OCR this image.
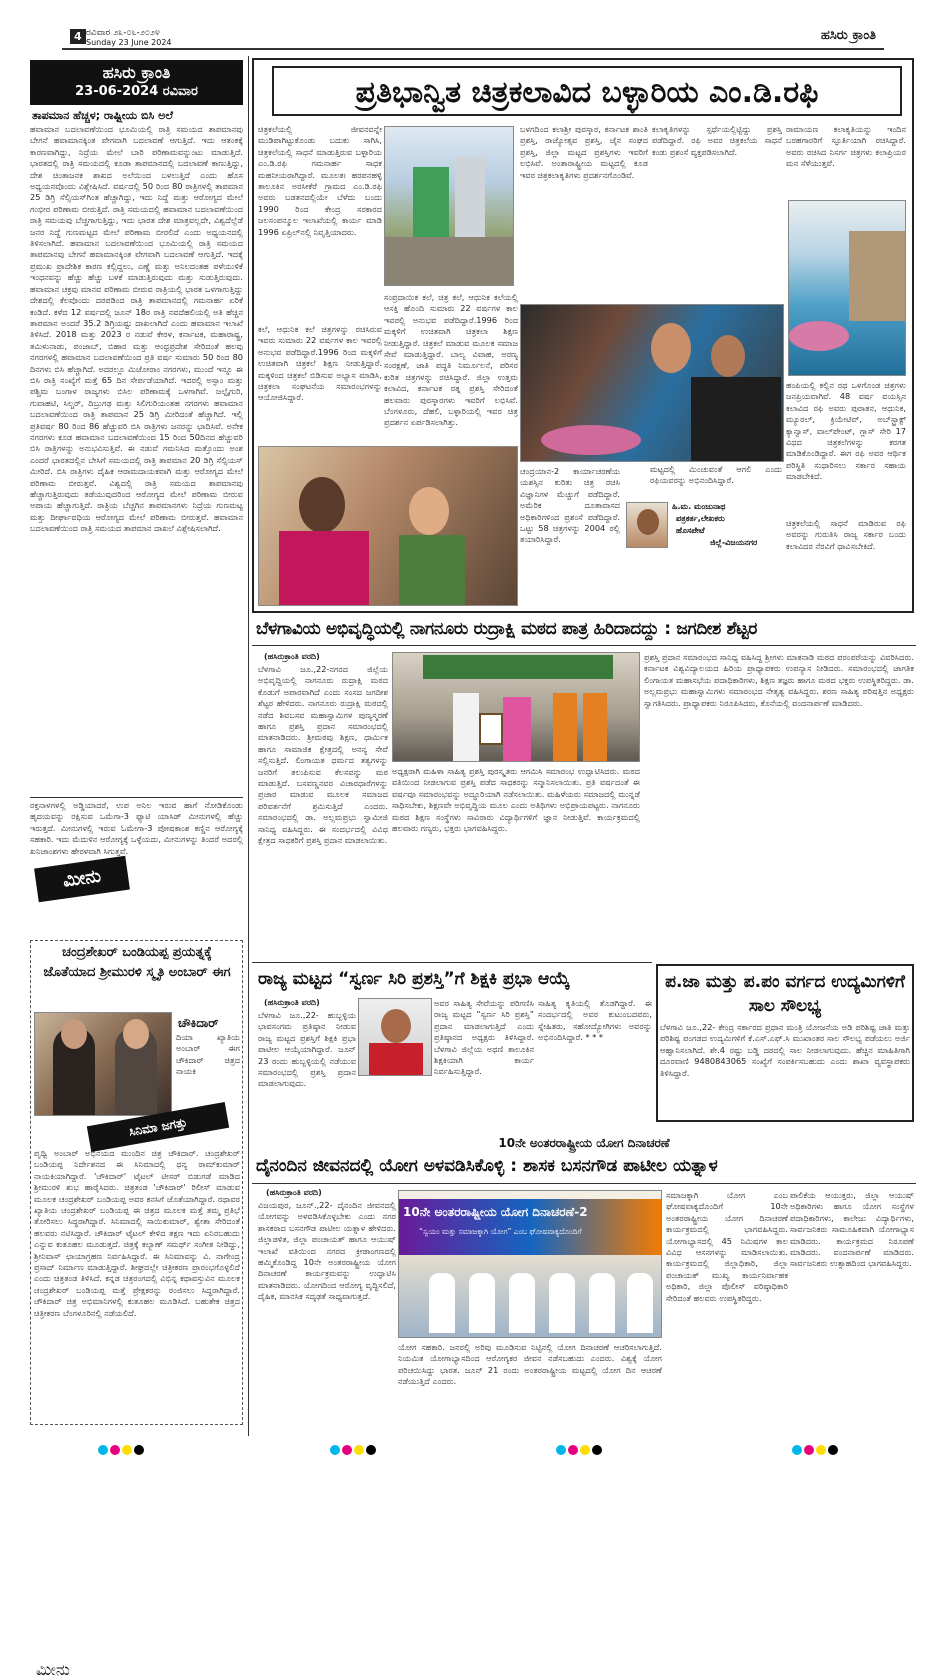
4 ರವಿವಾರ ೨೩-೦೬-೨೦೨೪
Sunday 23 June 2024	ಹಸಿರು ಕ್ರಾಂತಿ
ಹಸಿರು ಕ್ರಾಂತಿ
23-06-2024 ರವಿವಾರ
ತಾಪಮಾನ ಹೆಚ್ಚಳ; ರಾಷ್ಟ್ರೀಯ ಬಿಸಿ ಅಲೆ
ಹವಾಮಾನ ಬದಲಾವಣೆಯಿಂದ ಭೂಮಿಯಲ್ಲಿ ರಾತ್ರಿ ಸಮಯದ ತಾಪಮಾನವು ಬೇಗನೆ ಹವಾಮಾನಕ್ಕಿಂತ ವೇಗವಾಗಿ ಬದಲಾವಣೆ ಆಗುತ್ತಿದೆ. ಇದು ಆತಂಕಕ್ಕೆ ಕಾರಣವಾಗಿದ್ದು, ನಿದ್ರೆಯ ಮೇಲೆ ಬಾರಿ ಪರಿಣಾಮವನ್ನುಂಟು ಮಾಡುತ್ತಿದೆ. ಭಾರತದಲ್ಲಿ ರಾತ್ರಿ ಸಮಯದಲ್ಲಿ ಕೂಡಾ ತಾಪಮಾನದಲ್ಲಿ ಬದಲಾವಣೆ ಕಾಣುತ್ತಿದ್ದು, ದೇಶ ಚಿಂತಾಜನಕ ಶಾಖದ ಅಲೆಯಿಂದ ಬಳಲುತ್ತಿದೆ ಎಂದು ಹೊಸ ಅಧ್ಯಯನವೊಂದು ವಿಶ್ಲೇಷಿಸಿದೆ. ವರ್ಷದಲ್ಲಿ 50 ರಿಂದ 80 ರಾತ್ರಿಗಳಲ್ಲಿ ತಾಪಮಾನ 25 ಡಿಗ್ರಿ ಸೆಲ್ಸಿಯಸ್‌ಗಿಂತ ಹೆಚ್ಚಾಗಿದ್ದು, ಇದು ನಿದ್ದೆ ಮತ್ತು ಆರೋಗ್ಯದ ಮೇಲೆ ಗಂಭೀರ ಪರಿಣಾಮ ಬೀರುತ್ತಿದೆ. ರಾತ್ರಿ ಸಮಯದಲ್ಲಿ ಹವಾಮಾನ ಬದಲಾವಣೆಯಿಂದ ರಾತ್ರಿ ಸಮಯವು ಬೆಚ್ಚಗಾಗುತ್ತಿದ್ದು, ಇದು ಭಾರತ ದೇಶ ಮಾತ್ರವಲ್ಲದೇ, ವಿಶ್ವದೆಲ್ಲೆಡೆ ಜನರ ನಿದ್ದೆ ಗುಣಮಟ್ಟದ ಮೇಲೆ ಪರಿಣಾಮ ಬೀರಲಿದೆ ಎಂದು ಅಧ್ಯಯನದಲ್ಲಿ ತಿಳಿಸಲಾಗಿದೆ. ಹವಾಮಾನ ಬದಲಾವಣೆಯಿಂದ ಭೂಮಿಯಲ್ಲಿ ರಾತ್ರಿ ಸಮಯದ ತಾಪಮಾನವು ಬೇಗನೆ ಹವಾಮಾನಕ್ಕಿಂತ ವೇಗವಾಗಿ ಬದಲಾವಣೆ ಆಗುತ್ತಿದೆ. ಇದಕ್ಕೆ ಪ್ರಮುಖ ಪ್ರಾದೇಶಿಕ ಕಾರಣ ಕಲ್ಲಿದ್ದಲು, ಎಣ್ಣೆ ಮತ್ತು ಅನಿಲದಂತಹ ಪಳೆಯುಳಿಕೆ ಇಂಧನವನ್ನು ಹೆಚ್ಚು ಹೆಚ್ಚು ಬಳಕೆ ಮಾಡುತ್ತಿರುವುದು ಮತ್ತು ಸುಡುತ್ತಿರುವುದು. ಹವಾಮಾನ ಚಕ್ರವು ಮಾನವ ಪರಿಣಾಮ ಬೀರುವ ರಾತ್ರಿಯಲ್ಲಿ ಭಾರತ ಒಳಗಾಗುತ್ತಿದ್ದು ದೇಶದಲ್ಲಿ ಕೆಲವೊಂದು ದರಪಡಿಂದ ರಾತ್ರಿ ತಾಪಮಾನದಲ್ಲಿ ಗಮನಾರ್ಹ ಏರಿಕೆ ಕಂಡಿದೆ. ಕಳೆದ 12 ವರ್ಷದಲ್ಲಿ ಜೂನ್ 18ರ ರಾತ್ರಿ ನವದೆಹಲಿಯಲ್ಲಿ ಅತಿ ಹೆಚ್ಚಿನ ತಾಪಮಾನ ಅಂದರೆ 35.2 ಡಿಗ್ರಿಯಷ್ಟು ದಾಖಲಾಗಿದೆ ಎಂದು ಹವಾಮಾನ ಇಲಾಖೆ ತಿಳಿಸಿದೆ. 2018 ಮತ್ತು 2023 ರ ನಡುವೆ ಕೇರಳ, ಕರ್ನಾಟಕ, ಮಹಾರಾಷ್ಟ್ರ, ತಮಿಳುನಾಡು, ಪಂಜಾಬ್, ಬಿಹಾರ ಮತ್ತು ಆಂಧ್ರಪ್ರದೇಶ ಸೇರಿದಂತೆ ಹಲವು ನಗರಗಳಲ್ಲಿ ಹವಾಮಾನ ಬದಲಾವಣೆಯಿಂದ ಪ್ರತಿ ವರ್ಷ ಸುಮಾರು 50 ರಿಂದ 80 ದಿನಗಳು ಬಿಸಿ ಹೆಚ್ಚಾಗಿದೆ. ಅದರಲ್ಲೂ ಮಿಜೋರಾಂ ನಗರಗಳು, ಮುಂದೆ ಇನ್ನೂ ಈ ಬಿಸಿ ರಾತ್ರಿ ಸಂಖ್ಯೆಗೆ ಮತ್ತೆ 65 ದಿನ ಸೇರ್ಪಡೆಯಾಗಿದೆ. ಇದರಲ್ಲಿ ಅಸ್ಸಾಂ ಮತ್ತು ಪಶ್ಚಿಮ ಬಂಗಾಳ ರಾಜ್ಯಗಳು ಬಿಸಿಲ ಪರಿಣಾಮಕ್ಕೆ ಒಳಗಾಗಿವೆ. ಜಲ್ಪೈಗುರಿ, ಗುವಾಹಟಿ, ಸಿಲ್ಚರ್, ದಿಬ್ರುಗಢ ಮತ್ತು ಸಿಲಿಗುರಿಯಂತಹ ನಗರಗಳು ಹವಾಮಾನ ಬದಲಾವಣೆಯಿಂದ ರಾತ್ರಿ ತಾಪಮಾನ 25 ಡಿಗ್ರಿ ಮೀರಿದಂತೆ ಹೆಚ್ಚಾಗಿದೆ. ಇಲ್ಲಿ ಪ್ರತಿವರ್ಷ 80 ರಿಂದ 86 ಹೆಚ್ಚುವರಿ ಬಿಸಿ ರಾತ್ರಿಗಳು ಜನರನ್ನು ಭಾದಿಸಿವೆ. ಅನೇಕ ನಗರಗಳು ಕೂಡ ಹವಾಮಾನ ಬದಲಾವಣೆಯಿಂದ 15 ರಿಂದ 50ದಿನದ ಹೆಚ್ಚುವರಿ ಬಿಸಿ ರಾತ್ರಿಗಳನ್ನು ಅನುಭವಿಸುತ್ತಿವೆ. ಈ ನಡುವೆ ಗಮನಿಸಿದ ಮತ್ತೊಂದು ಅಂಶ ಎಂದರೆ ಭಾರತದಲ್ಲಿನ ಬೇಸಿಗೆ ಸಮಯದಲ್ಲಿ ರಾತ್ರಿ ತಾಪಮಾನ 20 ಡಿಗ್ರಿ ಸೆಲ್ಸಿಯಸ್ ಮೀರಿದೆ. ಬಿಸಿ ರಾತ್ರಿಗಳು ದೈಹಿಕ ಆರಾಮದಾಯಕವಾಗಿ ಮತ್ತು ಆರೋಗ್ಯದ ಮೇಲೆ ಪರಿಣಾಮ ಬೀರುತ್ತವೆ. ವಿಶ್ವದಲ್ಲಿ ರಾತ್ರಿ ಸಮಯದ ತಾಪಮಾನವು ಹೆಚ್ಚಾಗುತ್ತಿರುವುದು ತಡೆಯುವುದರಿಂದ ಆರೋಗ್ಯದ ಮೇಲೆ ಪರಿಣಾಮ ಬೀರುವ ಅಪಾಯ ಹೆಚ್ಚಾಗುತ್ತಿದೆ. ರಾತ್ರಿಯ ಬೆಚ್ಚಗಿನ ತಾಪಮಾನಗಳು ನಿದ್ರೆಯ ಗುಣಮಟ್ಟ ಮತ್ತು ದೀರ್ಘಾವಧಿಯ ಆರೋಗ್ಯದ ಮೇಲೆ ಪರಿಣಾಮ ಬೀರುತ್ತವೆ. ಹವಾಮಾನ ಬದಲಾವಣೆಯಿಂದ ರಾತ್ರಿ ಸಮಯದ ತಾಪಮಾನ ದಾಖಲೆ ವಿಶ್ಲೇಷಿಸಲಾಗಿದೆ.
ರಕ್ತನಾಳಗಳಲ್ಲಿ ಅಡ್ಡಿಯಾದರೆ, ಉಪ ಅನಿಲ ಇರುವ ಹಾಗೆ ನೋಡಿಕೊಂಡು ಹೃದಯವನ್ನು ರಕ್ಷಿಸುವ ಒಮೆಗಾ-3 ಫ್ಯಾಟಿ ಯಾಸಿಡ್ ಮೀನುಗಳಲ್ಲಿ ಹೆಚ್ಚು ಇರುತ್ತದೆ. ಮೀನುಗಳಲ್ಲಿ ಇರುವ ಓಮೇಗಾ-3 ಪೋಷಕಾಂಶ ಕಣ್ಣಿನ ಆರೋಗ್ಯಕ್ಕೆ ಸಹಕಾರಿ. ಇದು ಮೆದುಳಿನ ಆರೋಗ್ಯಕ್ಕೆ ಒಳ್ಳೆಯದು, ಮೀನುಗಳನ್ನು ತಿಂದರೆ ಅದರಲ್ಲಿ ಖನಿಜಾಂಶಗಳು ಹೇರಳವಾಗಿ ಸಿಗುತ್ತವೆ.
ಮೀನು
ಮೀನು
ಚಂದ್ರಶೇಖರ್ ಬಂಡಿಯಪ್ಪ ಪ್ರಯತ್ನಕ್ಕೆ ಜೊತೆಯಾದ ಶ್ರೀಮುರಳಿ ಸ್ಮೃತಿ ಅಂಬಾರ್ ಈಗ
ಚೌಕಿದಾರ್
ದಿಯಾ ಖ್ಯಾತಿಯ ಅಂಬಾರ್ ಈಗ ಚೌಕಿದಾರ್ ಚಿತ್ರದ ನಾಯಕಿ
ಸಿನಿಮಾ ಜಗತ್ತು
ಪೃಥ್ವಿ ಅಂಬಾರ್ ಅಭಿನಯದ ಮುಂದಿನ ಚಿತ್ರ ಚೌಕಿದಾರ್. ಚಂದ್ರಶೇಖರ್ ಬಂಡಿಯಪ್ಪ ನಿರ್ದೇಶನದ ಈ ಸಿನಿಮಾದಲ್ಲಿ ಧನ್ಯ ರಾಮ್‌ಕುಮಾರ್ ನಾಯಕಿಯಾಗಿದ್ದಾರೆ. 'ಚೌಕಿದಾರ್' ಟೈಟಲ್ ಟೀಸರ್ ಬಿಡುಗಡೆ ಮಾಡಿದ ಶ್ರೀಮುರಳಿ ಶುಭ ಹಾರೈಸಿದರು. ಚಿತ್ರತಂಡ 'ಚೌಕಿದಾರ್' ರಿಲೀಸ್ ಮಾಡುವ ಮೂಲಕ ಚಂದ್ರಶೇಖರ್ ಬಂಡಿಯಪ್ಪ ಅವರ ಕನಸಿಗೆ ಜೊತೆಯಾಗಿದ್ದಾರೆ. ರಥಾವರ ಖ್ಯಾತಿಯ ಚಂದ್ರಶೇಖರ್ ಬಂಡಿಯಪ್ಪ ಈ ಚಿತ್ರದ ಮೂಲಕ ಮತ್ತೆ ತಮ್ಮ ಪ್ರತಿಭೆ ತೋರಿಸಲು ಸಿದ್ಧರಾಗಿದ್ದಾರೆ. ಸಿನಿಮಾದಲ್ಲಿ ಸಾಯಿಕುಮಾರ್, ಶ್ವೇತಾ ಸೇರಿದಂತೆ ಹಲವರು ನಟಿಸಿದ್ದಾರೆ. ಚೌಕಿದಾರ್ ಟೈಟಲ್ ಕೇಳಿದ ತಕ್ಷಣ ಇದು ಏನಿರಬಹುದು ಎನ್ನುವ ಕುತೂಹಲ ಮೂಡುತ್ತದೆ. ಚಿತ್ರಕ್ಕೆ ಕಲ್ಯಾಣ್ ಸಮರ್ಥ್ ಸಂಗೀತ ನೀಡಿದ್ದು, ಶ್ರೀನಿವಾಸ್ ಛಾಯಾಗ್ರಹಣ ನಿರ್ವಹಿಸಿದ್ದಾರೆ. ಈ ಸಿನಿಮಾವನ್ನು ವಿ. ನಾಗೇಂದ್ರ ಪ್ರಸಾದ್ ನಿರ್ಮಾಣ ಮಾಡುತ್ತಿದ್ದಾರೆ. ಶೀಘ್ರದಲ್ಲೇ ಚಿತ್ರೀಕರಣ ಪ್ರಾರಂಭಗೊಳ್ಳಲಿದೆ ಎಂದು ಚಿತ್ರತಂಡ ತಿಳಿಸಿದೆ. ಕನ್ನಡ ಚಿತ್ರರಂಗದಲ್ಲಿ ವಿಭಿನ್ನ ಕಥಾವಸ್ತುವಿನ ಮೂಲಕ ಚಂದ್ರಶೇಖರ್ ಬಂಡಿಯಪ್ಪ ಮತ್ತೆ ಪ್ರೇಕ್ಷಕರನ್ನು ರಂಜಿಸಲು ಸಿದ್ಧರಾಗಿದ್ದಾರೆ. ಚೌಕಿದಾರ್ ಚಿತ್ರ ಅಭಿಮಾನಿಗಳಲ್ಲಿ ಕುತೂಹಲ ಮೂಡಿಸಿದೆ. ಬಹುತೇಕ ಚಿತ್ರದ ಚಿತ್ರೀಕರಣ ಬೆಂಗಳೂರಿನಲ್ಲಿ ನಡೆಯಲಿದೆ.
ಪ್ರತಿಭಾನ್ವಿತ ಚಿತ್ರಕಲಾವಿದ ಬಳ್ಳಾರಿಯ ಎಂ.ಡಿ.ರಫಿ
ಚಿತ್ರಕಲೆಯಲ್ಲಿ ಜೀವನವನ್ನೇ ಮುಡಿಪಾಗಿಟ್ಟುಕೊಂಡು ಬದುಕು ಸಾಗಿಸಿ, ಚಿತ್ರಕಲೆಯಲ್ಲಿ ಸಾಧನೆ ಮಾಡುತ್ತಿರುವ ಬಳ್ಳಾರಿಯ ಎಂ.ಡಿ.ರಫಿ ಗಮನಾರ್ಹ ಸಾಧಕ ಮಹನೀಯರಾಗಿದ್ದಾರೆ. ಮೂಲತಃ ಹರಪನಹಳ್ಳಿ ತಾಲೂಕಿನ ಅರಸೀಕೆರೆ ಗ್ರಾಮದ ಎಂ.ಡಿ.ರಫಿ ಅವರು ಬಡತನದಲ್ಲಿಯೇ ಬೆಳೆದು ಬಂದು 1990 ರಿಂದ ಕೇಂದ್ರ ಸರಕಾರದ ಜಲಸಂಪನ್ಮೂಲ ಇಲಾಖೆಯಲ್ಲಿ ಕಾರ್ಯ ಮಾಡಿ 1996 ಏಪ್ರಿಲ್‌ನಲ್ಲಿ ನಿವೃತ್ತಿಯಾದರು.
ಬಳಗದಿಂದ ಕಲಾಶ್ರೀ ಪುರಸ್ಕಾರ, ಕರ್ನಾಟಕ ಶಾಂತಿ ಪ್ರಶಸ್ತಿ, ರಾಜ್ಯೋತ್ಸವ ಪ್ರಶಸ್ತಿ, ಜೈನ ಸಂಘದ ಪ್ರಶಸ್ತಿ, ಜಿಲ್ಲಾ ಮಟ್ಟದ ಪ್ರಶಸ್ತಿಗಳು ಇವರಿಗೆ ಲಭಿಸಿವೆ. ಅಂತಾರಾಷ್ಟ್ರೀಯ ಮಟ್ಟದಲ್ಲಿ ಕೂಡ ಇವರ ಚಿತ್ರಕಲಾಕೃತಿಗಳು ಪ್ರದರ್ಶನಗೊಂಡಿವೆ.
ಕಲಾಕೃತಿಗಳನ್ನು ಸ್ಪರ್ಧೆಯಲ್ಲಿಟ್ಟಿದ್ದು ಪ್ರಶಸ್ತಿ ಪಡೆದಿದ್ದಾರೆ. ರಫಿ ಅವರ ಚಿತ್ರಕಲೆಯ ಸಾಧನೆ ಕಂಡು ಪ್ರಶಂಸೆ ವ್ಯಕ್ತಪಡಿಸಲಾಗಿದೆ.
ರಾಮಾಯಣ ಕಲಾಕೃತಿಯನ್ನು ಇಂದಿನ ಬರಹಗಾರರಿಗೆ ಸ್ಫೂರ್ತಿಯಾಗಿ ರಚಿಸಿದ್ದಾರೆ. ಅವರು ರಚಿಸಿದ ನಿಸರ್ಗ ಚಿತ್ರಗಳು ಕಲಾಪ್ರಿಯರ ಮನ ಸೆಳೆಯುತ್ತವೆ.
ಕಲೆ, ಆಧುನಿಕ ಕಲೆ ಚಿತ್ರಗಳನ್ನು ರಚಿಸಿರುವ ಇವರು ಸುಮಾರು 22 ವರ್ಷಗಳ ಕಾಲ ಇವರಲ್ಲಿ ಅನುಭವ ಪಡೆದಿದ್ದಾರೆ.1996 ರಿಂದ ಮಕ್ಕಳಿಗೆ ಉಚಿತವಾಗಿ ಚಿತ್ರಕಲೆ ಶಿಕ್ಷಣ ನೀಡುತ್ತಿದ್ದಾರೆ. ಮಕ್ಕಳಿಂದ ಚಿತ್ರಕಲೆ ಬಿಡಿಸುವ ಅಭ್ಯಾಸ ಮಾಡಿಸಿ, ಚಿತ್ರಕಲಾ ಸಂಘಟನೆಯ ಸಮಾರಂಭಗಳನ್ನು ಆಯೋಜಿಸಿದ್ದಾರೆ.
ಸಂಪ್ರದಾಯಿಕ ಕಲೆ, ಚಿತ್ರ ಕಲೆ, ಆಧುನಿಕ ಕಲೆಯಲ್ಲಿ ಆಸಕ್ತಿ ಹೊಂದಿ ಸುಮಾರು 22 ವರ್ಷಗಳ ಕಾಲ ಇವರಲ್ಲಿ ಅನುಭವ ಪಡೆದಿದ್ದಾರೆ.1996 ರಿಂದ ಮಕ್ಕಳಿಗೆ ಉಚಿತವಾಗಿ ಚಿತ್ರಕಲಾ ಶಿಕ್ಷಣ ನೀಡುತ್ತಿದ್ದಾರೆ. ಚಿತ್ರಕಲೆ ಮಾಡುವ ಮೂಲಕ ಸಮಾಜ ಸೇವೆ ಮಾಡುತ್ತಿದ್ದಾರೆ. ಬಾಲ್ಯ ವಿವಾಹ, ಅರಣ್ಯ ಸಂರಕ್ಷಣೆ, ಜಾತಿ ಪದ್ಧತಿ ನಿರ್ಮೂಲನೆ, ಪರಿಸರ ಕುರಿತ ಚಿತ್ರಗಳನ್ನು ರಚಿಸಿದ್ದಾರೆ. ಜಿಲ್ಲಾ ಉತ್ತಮ ಕಲಾವಿದ, ಕರ್ನಾಟಕ ರತ್ನ ಪ್ರಶಸ್ತಿ ಸೇರಿದಂತೆ ಹಲವಾರು ಪುರಸ್ಕಾರಗಳು ಇವರಿಗೆ ಲಭಿಸಿವೆ. ಬೆಂಗಳೂರು, ದೆಹಲಿ, ಬಳ್ಳಾರಿಯಲ್ಲಿ ಇವರ ಚಿತ್ರ ಪ್ರದರ್ಶನ ಏರ್ಪಡಿಸಲಾಗಿತ್ತು.
ಹಂಪಿಯಲ್ಲಿ ಕಲ್ಲಿನ ರಥ ಒಳಗೊಂಡ ಚಿತ್ರಗಳು ಜನಪ್ರಿಯವಾಗಿವೆ. 48 ವರ್ಷ ವಯಸ್ಸಿನ ಕಲಾವಿದ ರಫಿ ಅವರು ಪುರಾತನ, ಆಧುನಿಕ, ಮ್ಯೂರಲ್, ಕ್ರಿಯೇಟಿವ್, ಅಬ್‌ಸ್ಟ್ರಾಕ್ಟ್ ಕ್ಯಾನ್ವಾಸ್, ವಾಲ್‌ಪೇಂಟ್, ಗ್ಲಾಸ್ ಸೇರಿ 17 ವಿಧದ ಚಿತ್ರಕಲೆಗಳನ್ನು ಕರಗತ ಮಾಡಿಕೊಂಡಿದ್ದಾರೆ. ಈಗ ರಫಿ ಅವರ ಆರ್ಥಿಕ ಪರಿಸ್ಥಿತಿ ಸುಧಾರಿಸಲು ಸರ್ಕಾರ ಸಹಾಯ ಮಾಡಬೇಕಿದೆ.
ಚಂದ್ರಯಾನ-2 ಕಾರ್ಯಾಚರಣೆಯ ಯಶಸ್ಸಿನ ಕುರಿತು ಚಿತ್ರ ರಚಿಸಿ ವಿಜ್ಞಾನಿಗಳ ಮೆಚ್ಚುಗೆ ಪಡೆದಿದ್ದಾರೆ. ಅಮೆರಿಕ ದೂತಾವಾಸದ ಅಧಿಕಾರಿಗಳಿಂದ ಪ್ರಶಂಸೆ ಪಡೆದಿದ್ದಾರೆ. ಒಟ್ಟು 58 ಚಿತ್ರಗಳನ್ನು 2004 ರಲ್ಲಿ ತಯಾರಿಸಿದ್ದಾರೆ.
ಮಟ್ಟದಲ್ಲಿ ಮಿಂಚುವಂತೆ ಆಗಲಿ ಎಂದು ರಫಿಯವರನ್ನು ಅಭಿನಂದಿಸಿದ್ದಾರೆ.
ಹಿ.ಮ. ಮಂಜುನಾಥ
ಪತ್ರಕರ್ತ,ಲೇಖಕರು
ಹೊಸಪೇಟೆ
ಜಿಲ್ಲೆ-ವಿಜಯನಗರ
ಚಿತ್ರಕಲೆಯಲ್ಲಿ ಸಾಧನೆ ಮಾಡಿರುವ ರಫಿ ಅವರನ್ನು ಗುರುತಿಸಿ ರಾಜ್ಯ ಸರ್ಕಾರ ಬಂದು ಕಲಾವಿದರ ನೆರವಿಗೆ ಧಾವಿಸಬೇಕಿದೆ.
ಬೆಳಗಾವಿಯ ಅಭಿವೃದ್ಧಿಯಲ್ಲಿ ನಾಗನೂರು ರುದ್ರಾಕ್ಷಿ ಮಠದ ಪಾತ್ರ ಹಿರಿದಾದದ್ದು : ಜಗದೀಶ ಶೆಟ್ಟರ
(ಹಸಿರುಕ್ರಾಂತಿ ವರದಿ)
ಬೆಳಗಾವಿ ಜೂ.,22-ನಗರದ ಜಿಲ್ಲೆಯ ಅಭಿವೃದ್ಧಿಯಲ್ಲಿ ನಾಗನೂರು ರುದ್ರಾಕ್ಷಿ ಮಠದ ಕೊಡುಗೆ ಅಪಾರವಾಗಿದೆ ಎಂದು ಸಂಸದ ಜಗದೀಶ ಶೆಟ್ಟರ ಹೇಳಿದರು. ನಾಗನೂರು ರುದ್ರಾಕ್ಷಿ ಮಠದಲ್ಲಿ ನಡೆದ ಶಿವಬಸವ ಮಹಾಸ್ವಾಮಿಗಳ ಪುಣ್ಯಸ್ಮರಣೆ ಹಾಗೂ ಪ್ರಶಸ್ತಿ ಪ್ರದಾನ ಸಮಾರಂಭದಲ್ಲಿ ಮಾತನಾಡಿದರು. ಶ್ರೀಮಠವು ಶಿಕ್ಷಣ, ಧಾರ್ಮಿಕ ಹಾಗೂ ಸಾಮಾಜಿಕ ಕ್ಷೇತ್ರದಲ್ಲಿ ಅನನ್ಯ ಸೇವೆ ಸಲ್ಲಿಸುತ್ತಿದೆ. ಲಿಂಗಾಯತ ಧರ್ಮದ ತತ್ವಗಳನ್ನು ಜನರಿಗೆ ತಲುಪಿಸುವ ಕೆಲಸವನ್ನು ಮಠ ಮಾಡುತ್ತಿದೆ. ಬಸವಣ್ಣನವರ ವಿಚಾರಧಾರೆಗಳನ್ನು ಪ್ರಚಾರ ಮಾಡುವ ಮೂಲಕ ಸಮಾಜದ ಪರಿವರ್ತನೆಗೆ ಶ್ರಮಿಸುತ್ತಿದೆ ಎಂದರು. ಸಮಾರಂಭದಲ್ಲಿ ಡಾ. ಅಲ್ಲಮಪ್ರಭು ಸ್ವಾಮೀಜಿ ಸಾನಿಧ್ಯ ವಹಿಸಿದ್ದರು. ಈ ಸಂದರ್ಭದಲ್ಲಿ ವಿವಿಧ ಕ್ಷೇತ್ರದ ಸಾಧಕರಿಗೆ ಪ್ರಶಸ್ತಿ ಪ್ರದಾನ ಮಾಡಲಾಯಿತು.
ಅಧ್ಯಕ್ಷರಾಗಿ ಮಹಿಳಾ ಸಾಹಿತ್ಯ ಪ್ರಶಸ್ತಿ ಪುರಸ್ಕೃತರು ಆಗಮಿಸಿ ಸಮಾರಂಭ ಉದ್ಘಾಟಿಸಿದರು. ಮಠದ ವತಿಯಿಂದ ನೀಡಲಾಗುವ ಪ್ರಶಸ್ತಿ ಪಡೆದ ಸಾಧಕರನ್ನು ಸನ್ಮಾನಿಸಲಾಯಿತು. ಪ್ರತಿ ವರ್ಷದಂತೆ ಈ ವರ್ಷವೂ ಸಮಾರಂಭವನ್ನು ಅದ್ಧೂರಿಯಾಗಿ ನಡೆಸಲಾಯಿತು. ಮಹಿಳೆಯರು ಸಮಾಜದಲ್ಲಿ ಮುನ್ನಡೆ ಸಾಧಿಸಬೇಕು, ಶಿಕ್ಷಣವೇ ಅಭಿವೃದ್ಧಿಯ ಮೂಲ ಎಂದು ಅತಿಥಿಗಳು ಅಭಿಪ್ರಾಯಪಟ್ಟರು. ನಾಗನೂರು ಮಠದ ಶಿಕ್ಷಣ ಸಂಸ್ಥೆಗಳು ಸಾವಿರಾರು ವಿದ್ಯಾರ್ಥಿಗಳಿಗೆ ಜ್ಞಾನ ನೀಡುತ್ತಿವೆ. ಕಾರ್ಯಕ್ರಮದಲ್ಲಿ ಹಲವಾರು ಗಣ್ಯರು, ಭಕ್ತರು ಭಾಗವಹಿಸಿದ್ದರು.
ಪ್ರಶಸ್ತಿ ಪ್ರದಾನ ಸಮಾರಂಭದ ಸಾನಿಧ್ಯ ವಹಿಸಿದ್ದ ಶ್ರೀಗಳು ಮಾತನಾಡಿ ಮಠದ ಪರಂಪರೆಯನ್ನು ವಿವರಿಸಿದರು. ಕರ್ನಾಟಕ ವಿಶ್ವವಿದ್ಯಾಲಯದ ಹಿರಿಯ ಪ್ರಾಧ್ಯಾಪಕರು ಉಪನ್ಯಾಸ ನೀಡಿದರು. ಸಮಾರಂಭದಲ್ಲಿ ಜಾಗತಿಕ ಲಿಂಗಾಯತ ಮಹಾಸಭೆಯ ಪದಾಧಿಕಾರಿಗಳು, ಶಿಕ್ಷಣ ತಜ್ಞರು ಹಾಗೂ ಮಠದ ಭಕ್ತರು ಉಪಸ್ಥಿತರಿದ್ದರು. ಡಾ. ಅಲ್ಲಮಪ್ರಭು ಮಹಾಸ್ವಾಮಿಗಳು ಸಮಾರಂಭದ ನೇತೃತ್ವ ವಹಿಸಿದ್ದರು. ಶರಣ ಸಾಹಿತ್ಯ ಪರಿಷತ್ತಿನ ಅಧ್ಯಕ್ಷರು ಸ್ವಾಗತಿಸಿದರು. ಪ್ರಾಧ್ಯಾಪಕರು ನಿರೂಪಿಸಿದರು, ಕೊನೆಯಲ್ಲಿ ವಂದನಾರ್ಪಣೆ ಮಾಡಿದರು.
ರಾಜ್ಯ ಮಟ್ಟದ “ಸ್ವರ್ಣ ಸಿರಿ ಪ್ರಶಸ್ತಿ”ಗೆ ಶಿಕ್ಷಕಿ ಪ್ರಭಾ ಆಯ್ಕೆ
(ಹಸಿರುಕ್ರಾಂತಿ ವರದಿ)
ಬೆಳಗಾವಿ ಜೂ.,22- ಹುಬ್ಬಳ್ಳಿಯ ಭಾವಸಂಗಮ ಪ್ರತಿಷ್ಠಾನ ನೀಡುವ ರಾಜ್ಯ ಮಟ್ಟದ ಪ್ರಶಸ್ತಿಗೆ ಶಿಕ್ಷಕಿ ಪ್ರಭಾ ಪಾಟೀಲ ಆಯ್ಕೆಯಾಗಿದ್ದಾರೆ. ಜೂನ್ 23 ರಂದು ಹುಬ್ಬಳ್ಳಿಯಲ್ಲಿ ನಡೆಯುವ ಸಮಾರಂಭದಲ್ಲಿ ಪ್ರಶಸ್ತಿ ಪ್ರದಾನ ಮಾಡಲಾಗುವುದು.
ಅವರ ಸಾಹಿತ್ಯ ಸೇವೆಯನ್ನು ಪರಿಗಣಿಸಿ ರಾಜ್ಯ ಮಟ್ಟದ “ಸ್ವರ್ಣ ಸಿರಿ ಪ್ರಶಸ್ತಿ” ಪ್ರದಾನ ಮಾಡಲಾಗುತ್ತಿದೆ ಎಂದು ಪ್ರತಿಷ್ಠಾನದ ಅಧ್ಯಕ್ಷರು ತಿಳಿಸಿದ್ದಾರೆ. ಬೆಳಗಾವಿ ಜಿಲ್ಲೆಯ ಅಥಣಿ ತಾಲೂಕಿನ ಶಿಕ್ಷಕಿಯಾಗಿ ಕಾರ್ಯ ನಿರ್ವಹಿಸುತ್ತಿದ್ದಾರೆ.
ಸಾಹಿತ್ಯ ಕೃತಿಯಲ್ಲಿ ತೊಡಗಿದ್ದಾರೆ. ಈ ಸಂದರ್ಭದಲ್ಲಿ ಅವರ ಕುಟುಂಬದವರು, ಸ್ನೇಹಿತರು, ಸಹೋದ್ಯೋಗಿಗಳು ಅವರನ್ನು ಅಭಿನಂದಿಸಿದ್ದಾರೆ. * * *
ಪ.ಜಾ ಮತ್ತು ಪ.ಪಂ ವರ್ಗದ ಉದ್ಯಮಿಗಳಿಗೆ ಸಾಲ ಸೌಲಭ್ಯ
ಬೆಳಗಾವಿ ಜೂ.,22- ಕೇಂದ್ರ ಸರ್ಕಾರದ ಪ್ರಧಾನ ಮಂತ್ರಿ ಯೋಜನೆಯ ಅಡಿ ಪರಿಶಿಷ್ಟ ಜಾತಿ ಮತ್ತು ಪರಿಶಿಷ್ಟ ಪಂಗಡದ ಉದ್ಯಮಿಗಳಿಗೆ ಕೆ.ಎಸ್.ಎಫ್.ಸಿ ಮುಖಾಂತರ ಸಾಲ ಸೌಲಭ್ಯ ಪಡೆಯಲು ಅರ್ಜಿ ಆಹ್ವಾನಿಸಲಾಗಿದೆ. ಶೇ.4 ರಷ್ಟು ಬಡ್ಡಿ ದರದಲ್ಲಿ ಸಾಲ ನೀಡಲಾಗುವುದು. ಹೆಚ್ಚಿನ ಮಾಹಿತಿಗಾಗಿ ದೂರವಾಣಿ 9480843065 ಸಂಖ್ಯೆಗೆ ಸಂಪರ್ಕಿಸಬಹುದು ಎಂದು ಶಾಖಾ ವ್ಯವಸ್ಥಾಪಕರು ತಿಳಿಸಿದ್ದಾರೆ.
10ನೇ ಅಂತರರಾಷ್ಟ್ರೀಯ ಯೋಗ ದಿನಾಚರಣೆ
ದೈನಂದಿನ ಜೀವನದಲ್ಲಿ ಯೋಗ ಅಳವಡಿಸಿಕೊಳ್ಳಿ : ಶಾಸಕ ಬಸನಗೌಡ ಪಾಟೀಲ ಯತ್ನಾಳ
(ಹಸಿರುಕ್ರಾಂತಿ ವರದಿ)
ವಿಜಯಪುರ, ಜೂನ್.,22- ದೈನಂದಿನ ಜೀವನದಲ್ಲಿ ಯೋಗವನ್ನು ಅಳವಡಿಸಿಕೊಳ್ಳಬೇಕು ಎಂದು ನಗರ ಶಾಸಕರಾದ ಬಸನಗೌಡ ಪಾಟೀಲ ಯತ್ನಾಳ ಹೇಳಿದರು. ಜಿಲ್ಲಾಡಳಿತ, ಜಿಲ್ಲಾ ಪಂಚಾಯತ್ ಹಾಗೂ ಆಯುಷ್ ಇಲಾಖೆ ವತಿಯಿಂದ ನಗರದ ಕ್ರೀಡಾಂಗಣದಲ್ಲಿ ಹಮ್ಮಿಕೊಂಡಿದ್ದ 10ನೇ ಅಂತರರಾಷ್ಟ್ರೀಯ ಯೋಗ ದಿನಾಚರಣೆ ಕಾರ್ಯಕ್ರಮವನ್ನು ಉದ್ಘಾಟಿಸಿ ಮಾತನಾಡಿದರು. ಯೋಗದಿಂದ ಆರೋಗ್ಯ ವೃದ್ಧಿಸಲಿದೆ, ದೈಹಿಕ, ಮಾನಸಿಕ ಸದೃಢತೆ ಸಾಧ್ಯವಾಗುತ್ತದೆ.
10ನೇ ಅಂತರರಾಷ್ಟ್ರೀಯ ಯೋಗ ದಿನಾಚರಣೆ-2
“ಸ್ವಯಂ ಮತ್ತು ಸಮಾಜಕ್ಕಾಗಿ ಯೋಗ” ಎಂಬ ಘೋಷವಾಕ್ಯದೊಂದಿಗೆ
ಯೋಗ ಸಹಕಾರಿ. ಜನರಲ್ಲಿ ಅರಿವು ಮೂಡಿಸುವ ನಿಟ್ಟಿನಲ್ಲಿ ಯೋಗ ದಿನಾಚರಣೆ ಆಚರಿಸಲಾಗುತ್ತಿದೆ. ನಿಯಮಿತ ಯೋಗಾಭ್ಯಾಸದಿಂದ ಆರೋಗ್ಯಕರ ಜೀವನ ನಡೆಸಬಹುದು ಎಂದರು. ವಿಶ್ವಕ್ಕೆ ಯೋಗ ಪರಿಚಯಿಸಿದ್ದು ಭಾರತ. ಜೂನ್ 21 ರಂದು ಅಂತರರಾಷ್ಟ್ರೀಯ ಮಟ್ಟದಲ್ಲಿ ಯೋಗ ದಿನ ಆಚರಣೆ ನಡೆಯುತ್ತಿದೆ ಎಂದರು.
ಸಮಾಜಕ್ಕಾಗಿ ಯೋಗ ಎಂಬ ಘೋಷವಾಕ್ಯದೊಂದಿಗೆ 10ನೇ ಅಂತರರಾಷ್ಟ್ರೀಯ ಯೋಗ ದಿನಾಚರಣೆ ಕಾರ್ಯಕ್ರಮದಲ್ಲಿ ಭಾಗವಹಿಸಿದ್ದರು. ಯೋಗಾಭ್ಯಾಸದಲ್ಲಿ 45 ನಿಮಿಷಗಳ ಕಾಲ ವಿವಿಧ ಆಸನಗಳನ್ನು ಮಾಡಿಸಲಾಯಿತು. ಕಾರ್ಯಕ್ರಮದಲ್ಲಿ ಜಿಲ್ಲಾಧಿಕಾರಿ, ಜಿಲ್ಲಾ ಪಂಚಾಯತ್ ಮುಖ್ಯ ಕಾರ್ಯನಿರ್ವಾಹಕ ಅಧಿಕಾರಿ, ಜಿಲ್ಲಾ ಪೊಲೀಸ್ ವರಿಷ್ಠಾಧಿಕಾರಿ ಸೇರಿದಂತೆ ಹಲವರು ಉಪಸ್ಥಿತರಿದ್ದರು.
ಪಾಲಿಕೆಯ ಆಯುಕ್ತರು, ಜಿಲ್ಲಾ ಆಯುಷ್ ಅಧಿಕಾರಿಗಳು ಹಾಗೂ ಯೋಗ ಸಂಸ್ಥೆಗಳ ಪದಾಧಿಕಾರಿಗಳು, ಕಾಲೇಜು ವಿದ್ಯಾರ್ಥಿಗಳು, ಸಾರ್ವಜನಿಕರು ಸಾಮೂಹಿಕವಾಗಿ ಯೋಗಾಭ್ಯಾಸ ಮಾಡಿದರು. ಕಾರ್ಯಕ್ರಮದ ನಿರೂಪಣೆ ಮಾಡಿದರು. ವಂದನಾರ್ಪಣೆ ಮಾಡಿದರು. ಸಾರ್ವಜನಿಕರು ಉತ್ಸಾಹದಿಂದ ಭಾಗವಹಿಸಿದ್ದರು.
